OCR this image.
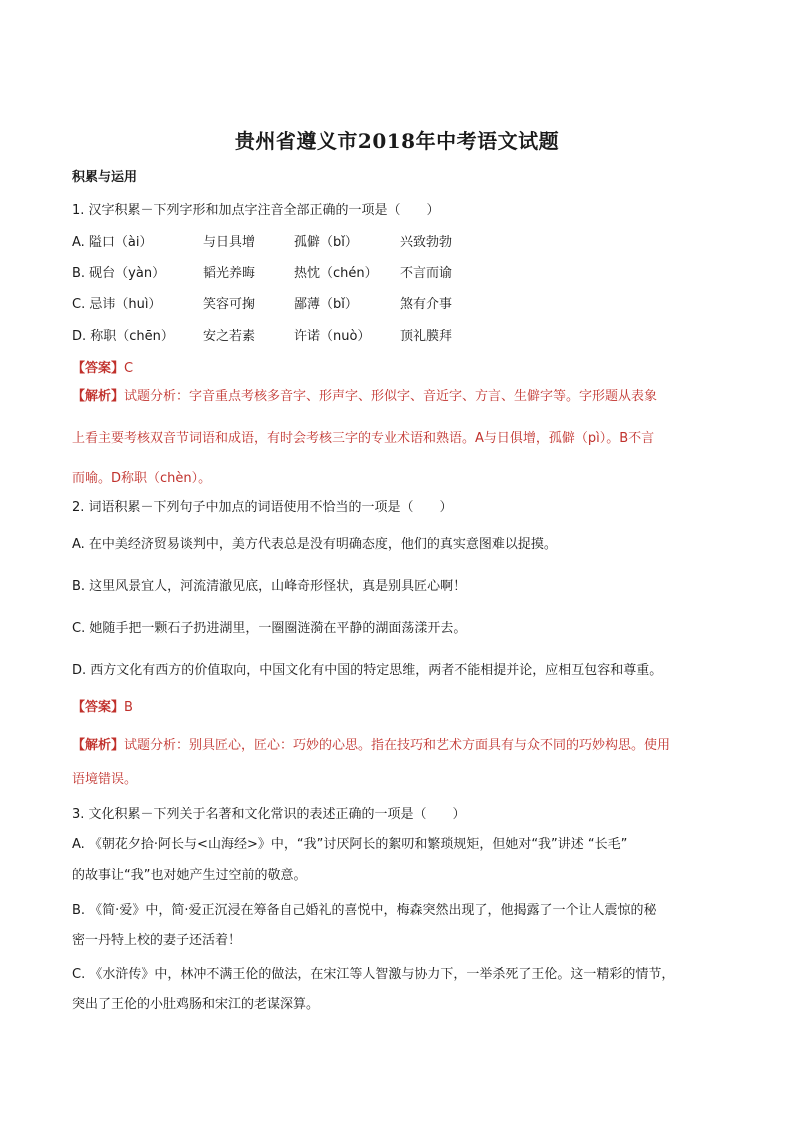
贵州省遵义市2018年中考语文试题
积累与运用
1. 汉字积累－下列字形和加点字注音全部正确的一项是（　　）
A. 隘口（ài）	与日具增	孤僻（bǐ）	兴致勃勃
B. 砚台（yàn）	韬光养晦	热忱（chén） 不言而谕
C. 忌讳（huì）	笑容可掬	鄙薄（bǐ）	煞有介事
D. 称职（chēn） 安之若素	许诺（nuò） 顶礼膜拜
【答案】C
【解析】试题分析：字音重点考核多音字、形声字、形似字、音近字、方言、生僻字等。字形题从表象
上看主要考核双音节词语和成语，有时会考核三字的专业术语和熟语。A与日俱增，孤僻（pì）。B不言
而喻。D称职（chèn）。
2. 词语积累－下列句子中加点的词语使用不恰当的一项是（　　）
A. 在中美经济贸易谈判中，美方代表总是没有明确态度，他们的真实意图难以捉摸。
B. 这里风景宜人，河流清澈见底，山峰奇形怪状，真是别具匠心啊！
C. 她随手把一颗石子扔进湖里，一圈圈涟漪在平静的湖面荡漾开去。
D. 西方文化有西方的价值取向，中国文化有中国的特定思维，两者不能相提并论，应相互包容和尊重。
【答案】B
【解析】试题分析：别具匠心，匠心：巧妙的心思。指在技巧和艺术方面具有与众不同的巧妙构思。使用
语境错误。
3. 文化积累－下列关于名著和文化常识的表述正确的一项是（　　）
A. 《朝花夕拾·阿长与<山海经>》中，“我”讨厌阿长的絮叨和繁琐规矩，但她对“我”讲述 “长毛”
的故事让“我”也对她产生过空前的敬意。
B. 《简·爱》中，简·爱正沉浸在筹备自己婚礼的喜悦中，梅森突然出现了，他揭露了一个让人震惊的秘
密一丹特上校的妻子还活着！
C. 《水浒传》中，林冲不满王伦的做法，在宋江等人智激与协力下，一举杀死了王伦。这一精彩的情节，
突出了王伦的小肚鸡肠和宋江的老谋深算。
